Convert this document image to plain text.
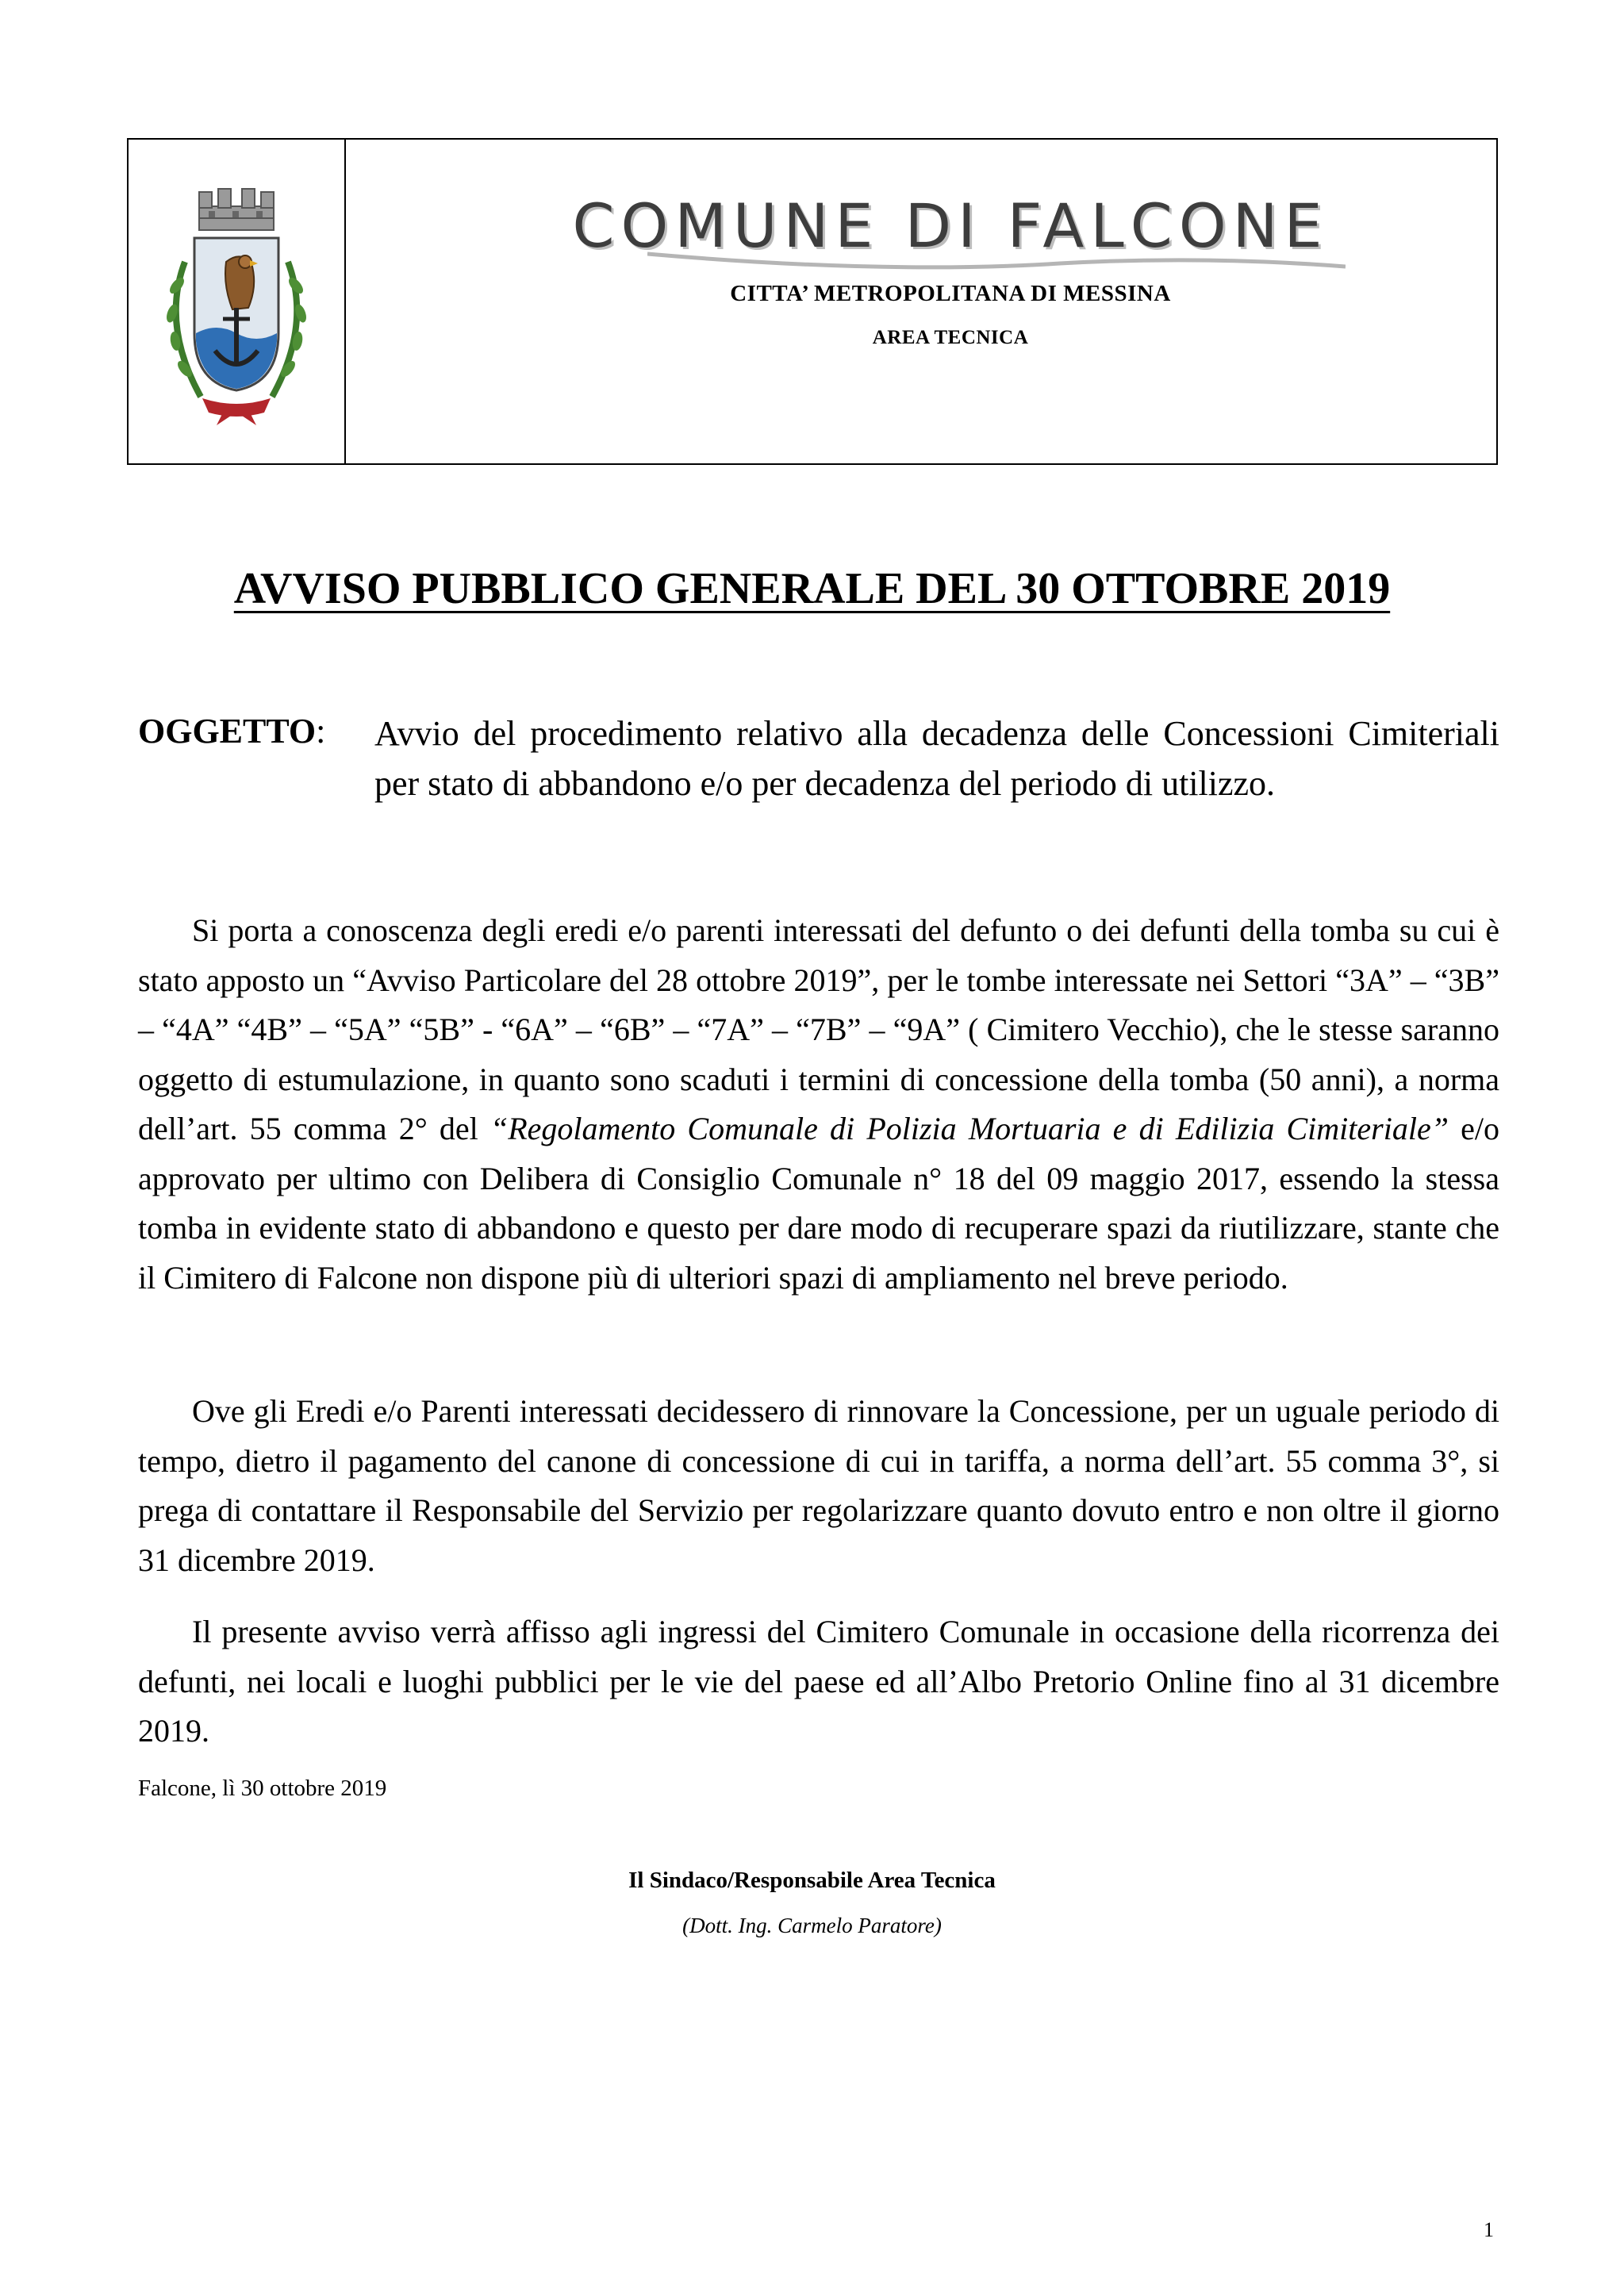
COMUNE DI FALCONE
CITTA’ METROPOLITANA DI MESSINA
AREA TECNICA
AVVISO PUBBLICO GENERALE DEL 30 OTTOBRE 2019
OGGETTO: Avvio del procedimento relativo alla decadenza delle Concessioni Cimiteriali per stato di abbandono e/o per decadenza del periodo di utilizzo.

Si porta a conoscenza degli eredi e/o parenti interessati del defunto o dei defunti della tomba su cui è stato apposto un “Avviso Particolare del 28 ottobre 2019”, per le tombe interessate nei Settori “3A” – “3B” – “4A” “4B” – “5A” “5B” - “6A” – “6B” – “7A” – “7B” – “9A” ( Cimitero Vecchio), che le stesse saranno oggetto di estumulazione, in quanto sono scaduti i termini di concessione della tomba (50 anni), a norma dell’art. 55 comma 2° del “Regolamento Comunale di Polizia Mortuaria e di Edilizia Cimiteriale” e/o approvato per ultimo con Delibera di Consiglio Comunale n° 18 del 09 maggio 2017, essendo la stessa tomba in evidente stato di abbandono e questo per dare modo di recuperare spazi da riutilizzare, stante che il Cimitero di Falcone non dispone più di ulteriori spazi di ampliamento nel breve periodo.

Ove gli Eredi e/o Parenti interessati decidessero di rinnovare la Concessione, per un uguale periodo di tempo, dietro il pagamento del canone di concessione di cui in tariffa, a norma dell’art. 55 comma 3°, si prega di contattare il Responsabile del Servizio per regolarizzare quanto dovuto entro e non oltre il giorno 31 dicembre 2019.

Il presente avviso verrà affisso agli ingressi del Cimitero Comunale in occasione della ricorrenza dei defunti, nei locali e luoghi pubblici per le vie del paese ed all’Albo Pretorio Online fino al 31 dicembre 2019.

Falcone, lì 30 ottobre 2019
Il Sindaco/Responsabile Area Tecnica
(Dott. Ing. Carmelo Paratore)
1
